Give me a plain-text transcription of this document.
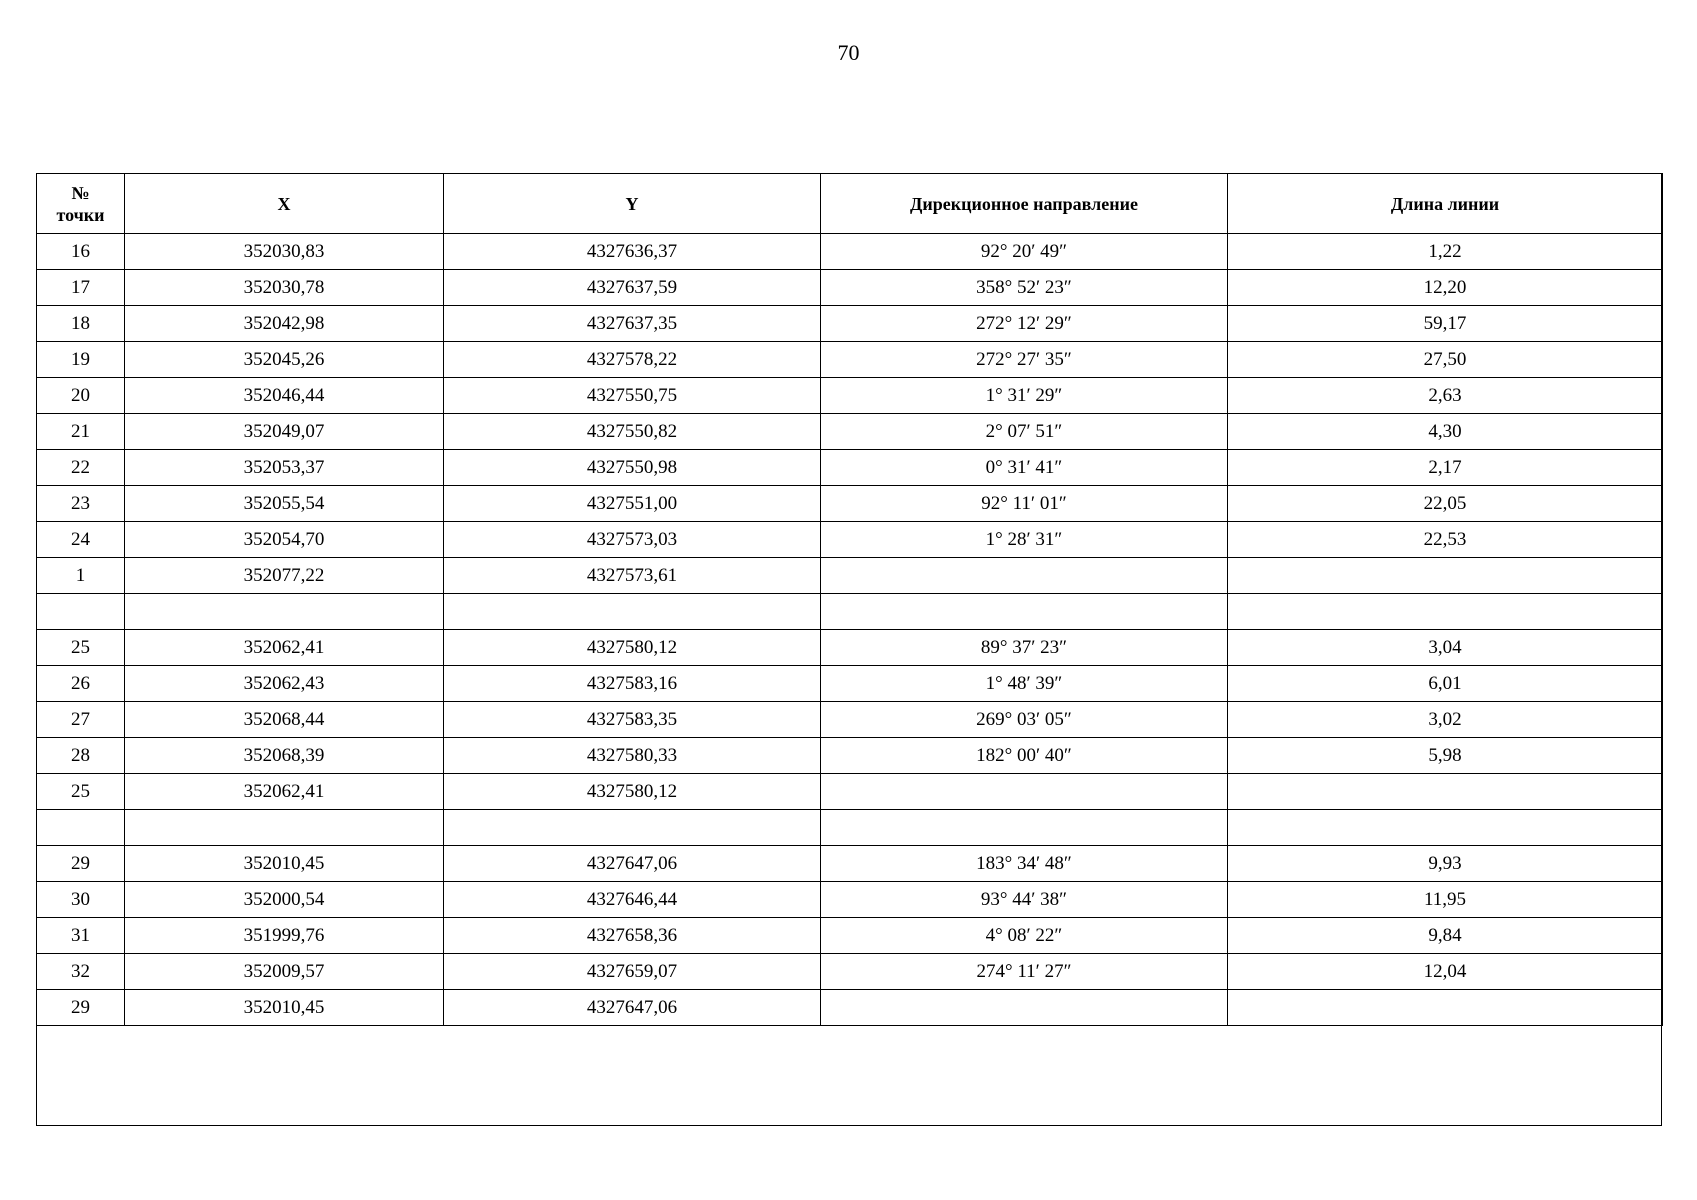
70
№
точки	X	Y	Дирекционное направление	Длина линии
16	352030,83	4327636,37	92° 20′ 49″	1,22
17	352030,78	4327637,59	358° 52′ 23″	12,20
18	352042,98	4327637,35	272° 12′ 29″	59,17
19	352045,26	4327578,22	272° 27′ 35″	27,50
20	352046,44	4327550,75	1° 31′ 29″	2,63
21	352049,07	4327550,82	2° 07′ 51″	4,30
22	352053,37	4327550,98	0° 31′ 41″	2,17
23	352055,54	4327551,00	92° 11′ 01″	22,05
24	352054,70	4327573,03	1° 28′ 31″	22,53
1	352077,22	4327573,61		

25	352062,41	4327580,12	89° 37′ 23″	3,04
26	352062,43	4327583,16	1° 48′ 39″	6,01
27	352068,44	4327583,35	269° 03′ 05″	3,02
28	352068,39	4327580,33	182° 00′ 40″	5,98
25	352062,41	4327580,12		

29	352010,45	4327647,06	183° 34′ 48″	9,93
30	352000,54	4327646,44	93° 44′ 38″	11,95
31	351999,76	4327658,36	4° 08′ 22″	9,84
32	352009,57	4327659,07	274° 11′ 27″	12,04
29	352010,45	4327647,06		
